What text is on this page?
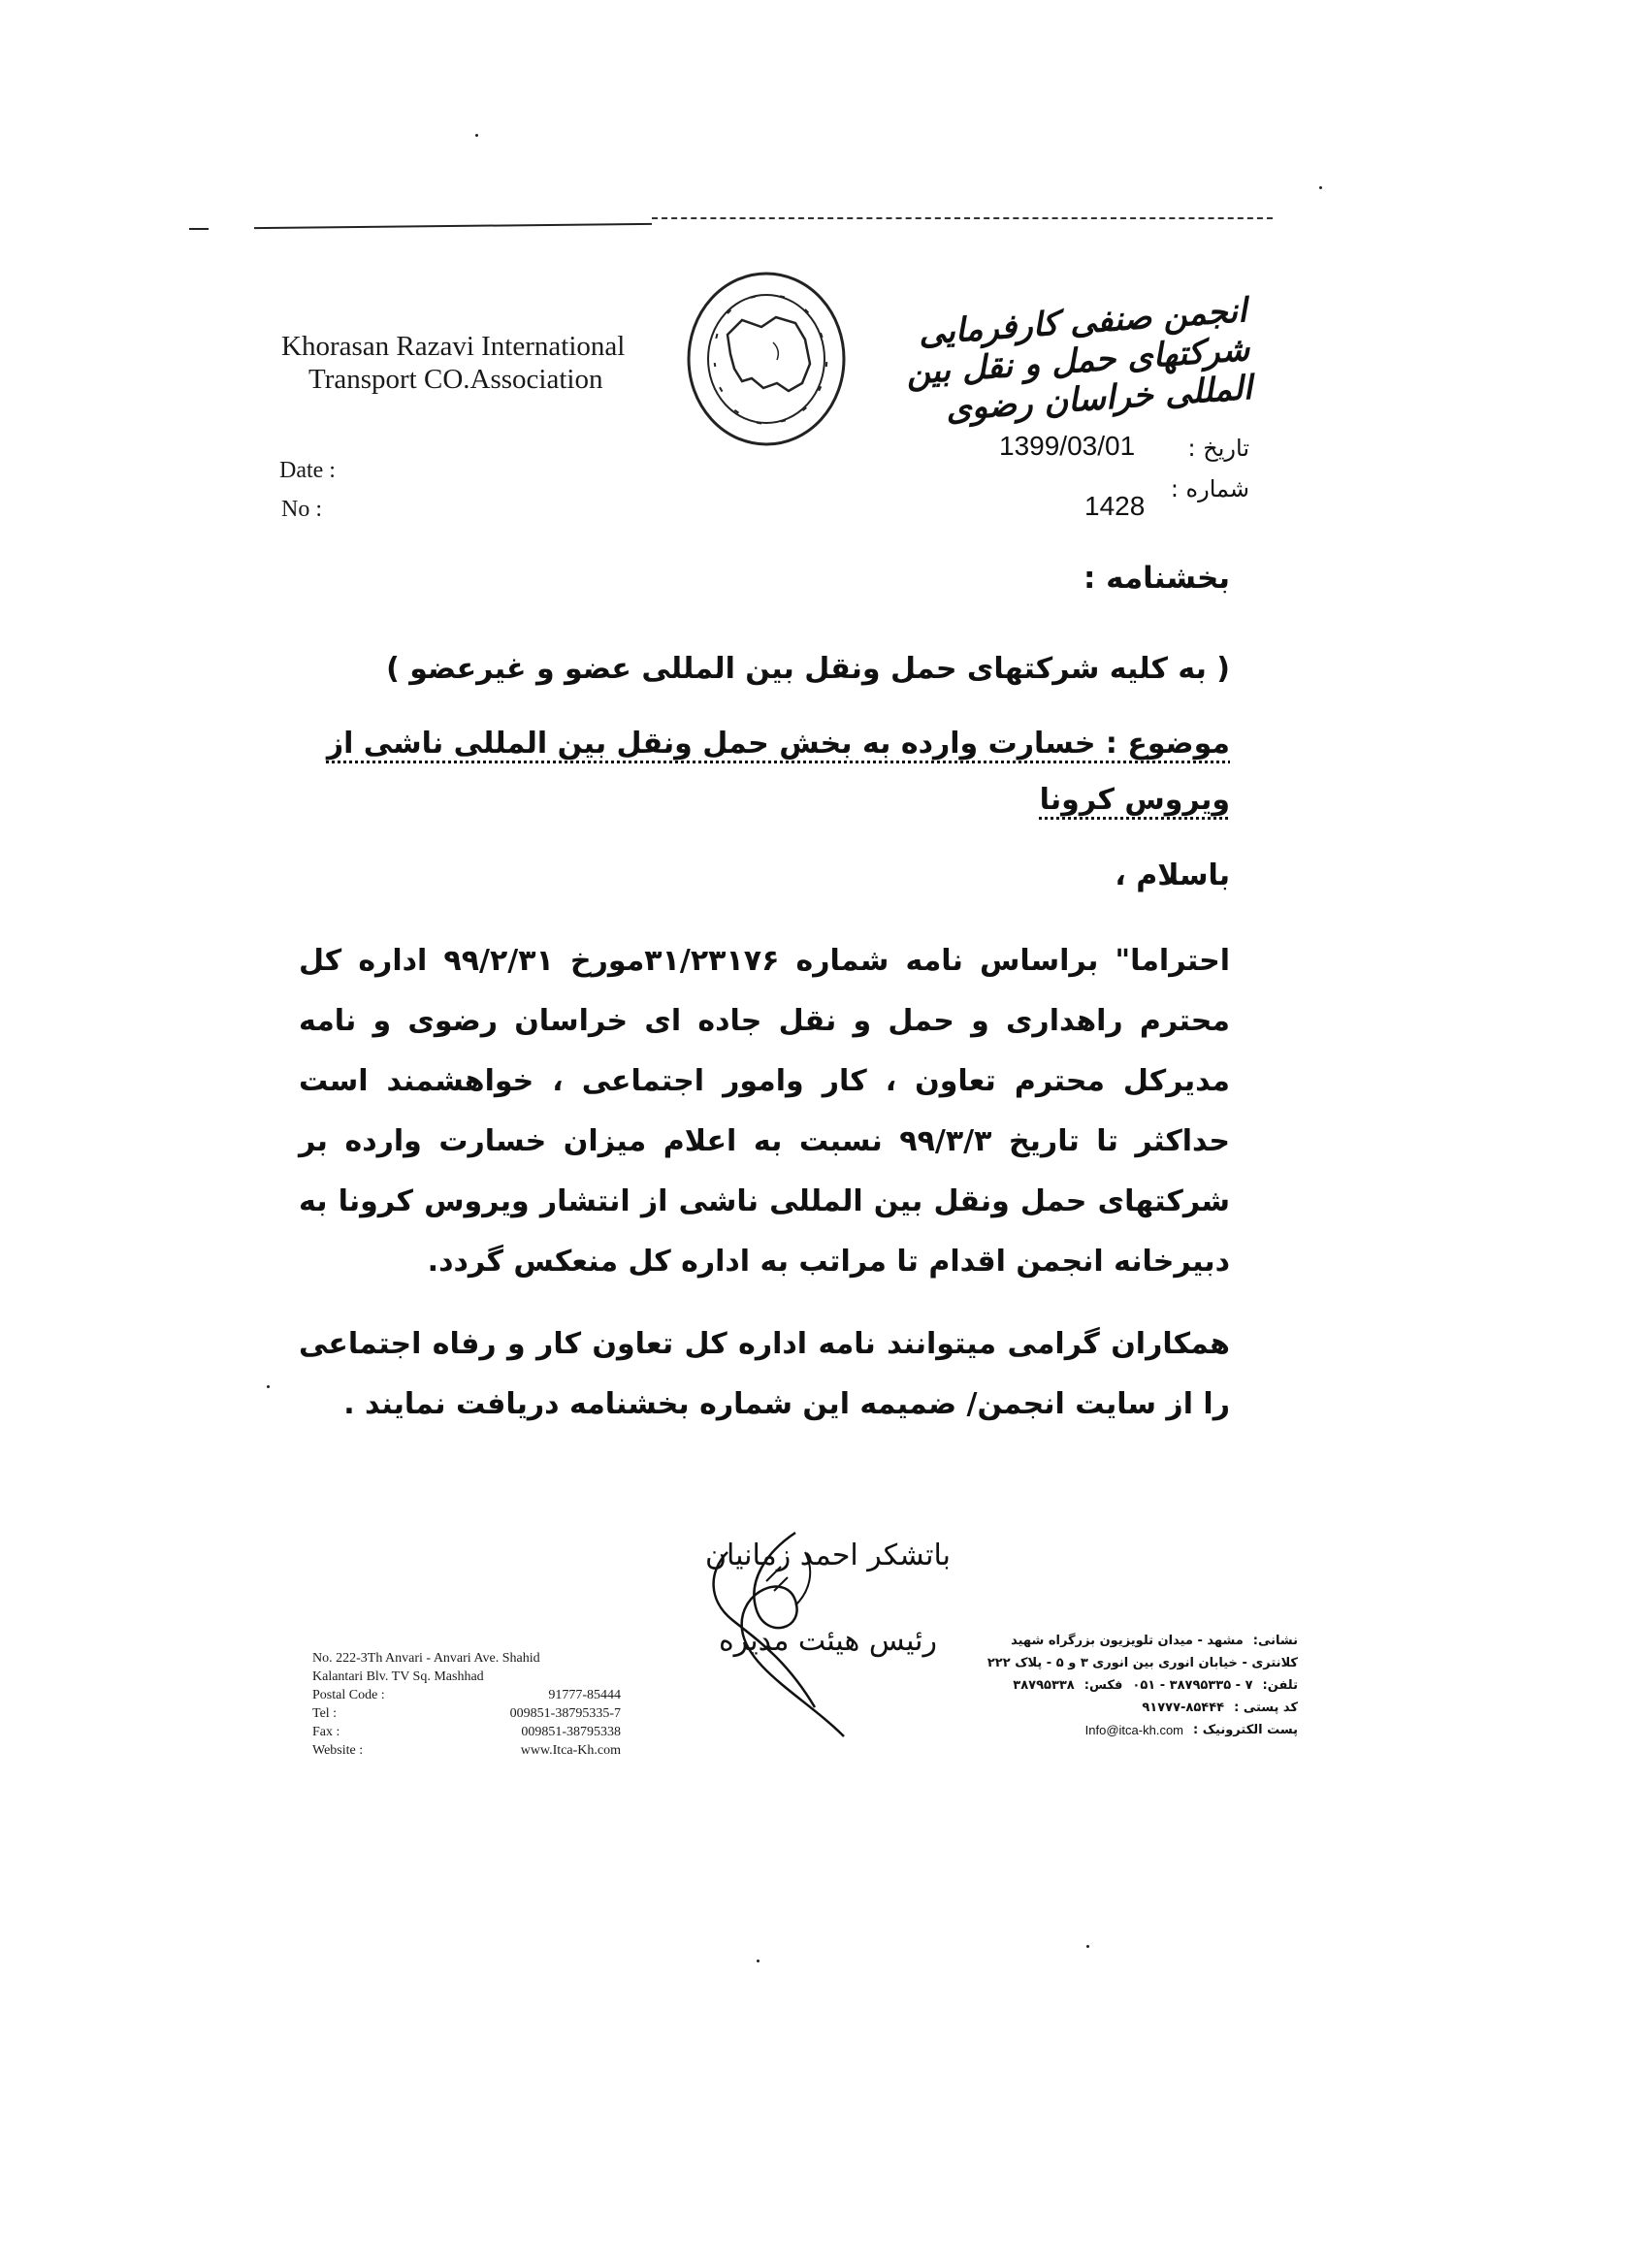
Khorasan Razavi International
Transport CO.Association
انجمن صنفی کارفرمایی شرکتهای حمل و نقل بین المللی خراسان رضوی
تاریخ :
1399/03/01
شماره :
1428
Date :
No :
بخشنامه :
( به کلیه شرکتهای حمل ونقل بین المللی عضو و غیرعضو )
موضوع : خسارت وارده به بخش حمل ونقل بین المللی ناشی از ویروس کرونا
باسلام ،
احتراما" براساس نامه شماره ۳۱/۲۳۱۷۶مورخ ۹۹/۲/۳۱ اداره کل محترم راهداری و حمل و نقل جاده ای خراسان رضوی و نامه مدیرکل محترم تعاون ، کار وامور اجتماعی ، خواهشمند است حداکثر تا تاریخ ۹۹/۳/۳ نسبت به اعلام میزان خسارت وارده بر شرکتهای حمل ونقل بین المللی ناشی از انتشار ویروس کرونا به دبیرخانه انجمن اقدام تا مراتب به اداره کل منعکس گردد.
همکاران گرامی میتوانند نامه اداره کل تعاون کار و رفاه اجتماعی را از سایت انجمن/ ضمیمه این شماره بخشنامه دریافت نمایند .
باتشکر احمد زمانیان
رئیس هیئت مدیره
No. 222-3Th Anvari - Anvari Ave. Shahid
Kalantari Blv. TV Sq. Mashhad
Postal Code :	91777-85444
Tel :	009851-38795335-7
Fax :	009851-38795338
Website :	www.Itca-Kh.com
نشانی:
مشهد - میدان تلویزیون بزرگراه شهید
کلانتری - خیابان انوری بین انوری ۳ و ۵ - پلاک ۲۲۲
تلفن:
۷ - ۳۸۷۹۵۳۳۵ - ۰۵۱
فکس:
۳۸۷۹۵۳۳۸
کد پستی :
۹۱۷۷۷-۸۵۴۴۴
پست الکترونیک :
Info@itca-kh.com
